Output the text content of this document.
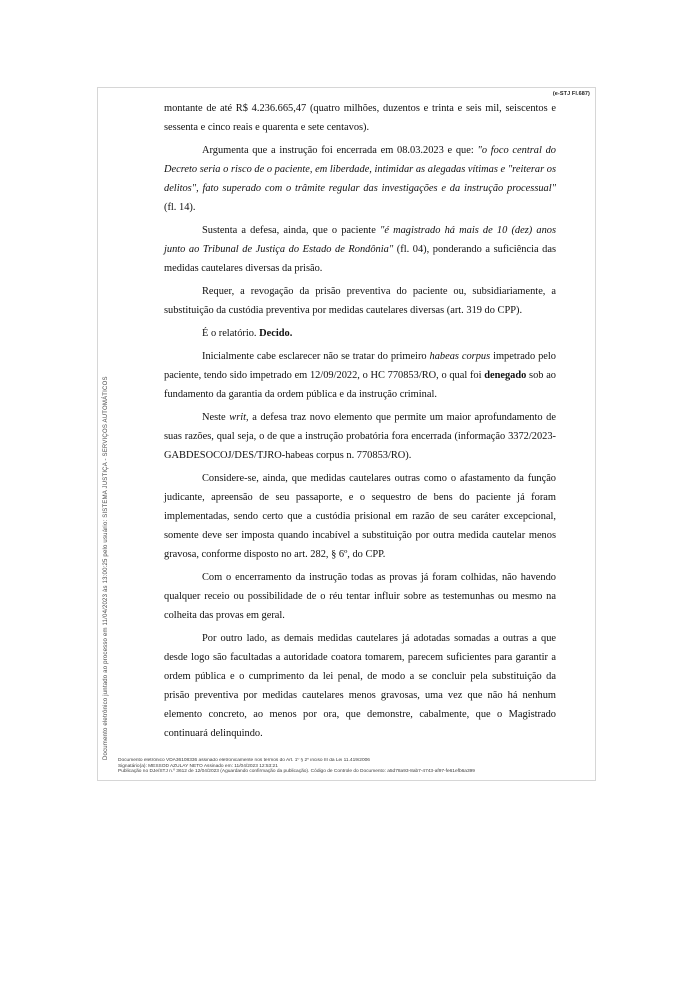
(e-STJ Fl.687)
Documento eletrônico juntado ao processo em 11/04/2023 às 13:00:25 pelo usuário: SISTEMA JUSTIÇA - SERVIÇOS AUTOMÁTICOS

montante de até R$ 4.236.665,47 (quatro milhões, duzentos e trinta e seis mil, seiscentos e sessenta e cinco reais e quarenta e sete centavos).

Argumenta que a instrução foi encerrada em 08.03.2023 e que: "o foco central do Decreto seria o risco de o paciente, em liberdade, intimidar as alegadas vítimas e "reiterar os delitos", fato superado com o trâmite regular das investigações e da instrução processual" (fl. 14).

Sustenta a defesa, ainda, que o paciente "é magistrado há mais de 10 (dez) anos junto ao Tribunal de Justiça do Estado de Rondônia" (fl. 04), ponderando a suficiência das medidas cautelares diversas da prisão.

Requer, a revogação da prisão preventiva do paciente ou, subsidiariamente, a substituição da custódia preventiva por medidas cautelares diversas (art. 319 do CPP).

É o relatório. Decido.

Inicialmente cabe esclarecer não se tratar do primeiro habeas corpus impetrado pelo paciente, tendo sido impetrado em 12/09/2022, o HC 770853/RO, o qual foi denegado sob ao fundamento da garantia da ordem pública e da instrução criminal.

Neste writ, a defesa traz novo elemento que permite um maior aprofundamento de suas razões, qual seja, o de que a instrução probatória fora encerrada (informação 3372/2023-GABDESOCOJ/DES/TJRO-habeas corpus n. 770853/RO).

Considere-se, ainda, que medidas cautelares outras como o afastamento da função judicante, apreensão de seu passaporte, e o sequestro de bens do paciente já foram implementadas, sendo certo que a custódia prisional em razão de seu caráter excepcional, somente deve ser imposta quando incabível a substituição por outra medida cautelar menos gravosa, conforme disposto no art. 282, § 6º, do CPP.

Com o encerramento da instrução todas as provas já foram colhidas, não havendo qualquer receio ou possibilidade de o réu tentar influir sobre as testemunhas ou mesmo na colheita das provas em geral.

Por outro lado, as demais medidas cautelares já adotadas somadas a outras a que desde logo são facultadas a autoridade coatora tomarem, parecem suficientes para garantir a ordem pública e o cumprimento da lei penal, de modo a se concluir pela substituição da prisão preventiva por medidas cautelares menos gravosas, uma vez que não há nenhum elemento concreto, ao menos por ora, que demonstre, cabalmente, que o Magistrado continuará delinquindo.

Documento eletrônico VDA36108336 assinado eletronicamente nos termos do Art. 1º § 2º inciso III da Lei 11.419/2006
Signatário(a): MESSOD AZULAY NETO Assinado em: 11/04/2023 12:53:21
Publicação no DJe/STJ n.º 3612 de 12/04/2023 (Aguardando confirmação da publicação). Código de Controle do Documento: a5d78a93-8ab7-4743-af97-fe61efb6a399
